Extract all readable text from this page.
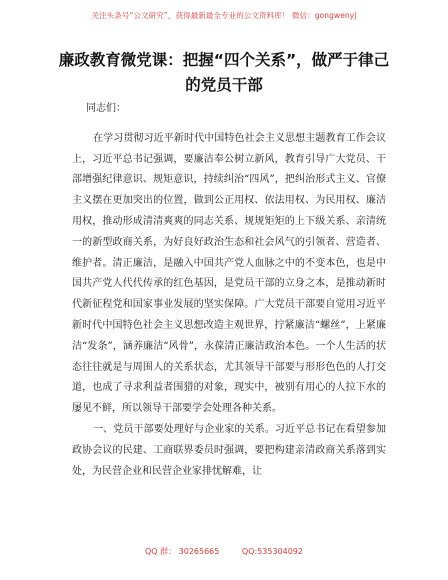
关注头条号“公文研究”，获得最新最全专业的公文资料库！ 微信：gongwenyj
廉政教育微党课：把握“四个关系”，做严于律己的党员干部
同志们：

在学习贯彻习近平新时代中国特色社会主义思想主题教育工作会议上，习近平总书记强调，要廉洁奉公树立新风，教育引导广大党员、干部增强纪律意识、规矩意识，持续纠治“四风”，把纠治形式主义、官僚主义摆在更加突出的位置，做到公正用权、依法用权、为民用权、廉洁用权，推动形成清清爽爽的同志关系、规规矩矩的上下级关系、亲清统一的新型政商关系，为好良好政治生态和社会风气的引领者、营造者、维护者。清正廉洁，是融入中国共产党人血脉之中的不变本色，也是中国共产党人代代传承的红色基因，是党员干部的立身之本，是推动新时代新征程党和国家事业发展的坚实保障。广大党员干部要自觉用习近平新时代中国特色社会主义思想改造主观世界，拧紧廉洁“螺丝”，上紧廉洁“发条”，涵养廉洁“风骨”，永葆清正廉洁政治本色。一个人生活的状态往往就是与周围人的关系状态，尤其领导干部要与形形色色的人打交道，也成了寻求利益者围猎的对象，现实中，被别有用心的人拉下水的屡见不鲜，所以领导干部要学会处理各种关系。

一、党员干部要处理好与企业家的关系。习近平总书记在看望参加政协会议的民建、工商联界委员时强调，要把构建亲清政商关系落到实处，为民营企业和民营企业家排忧解难，让

QQ 群： 30265665	QQ:535304092
